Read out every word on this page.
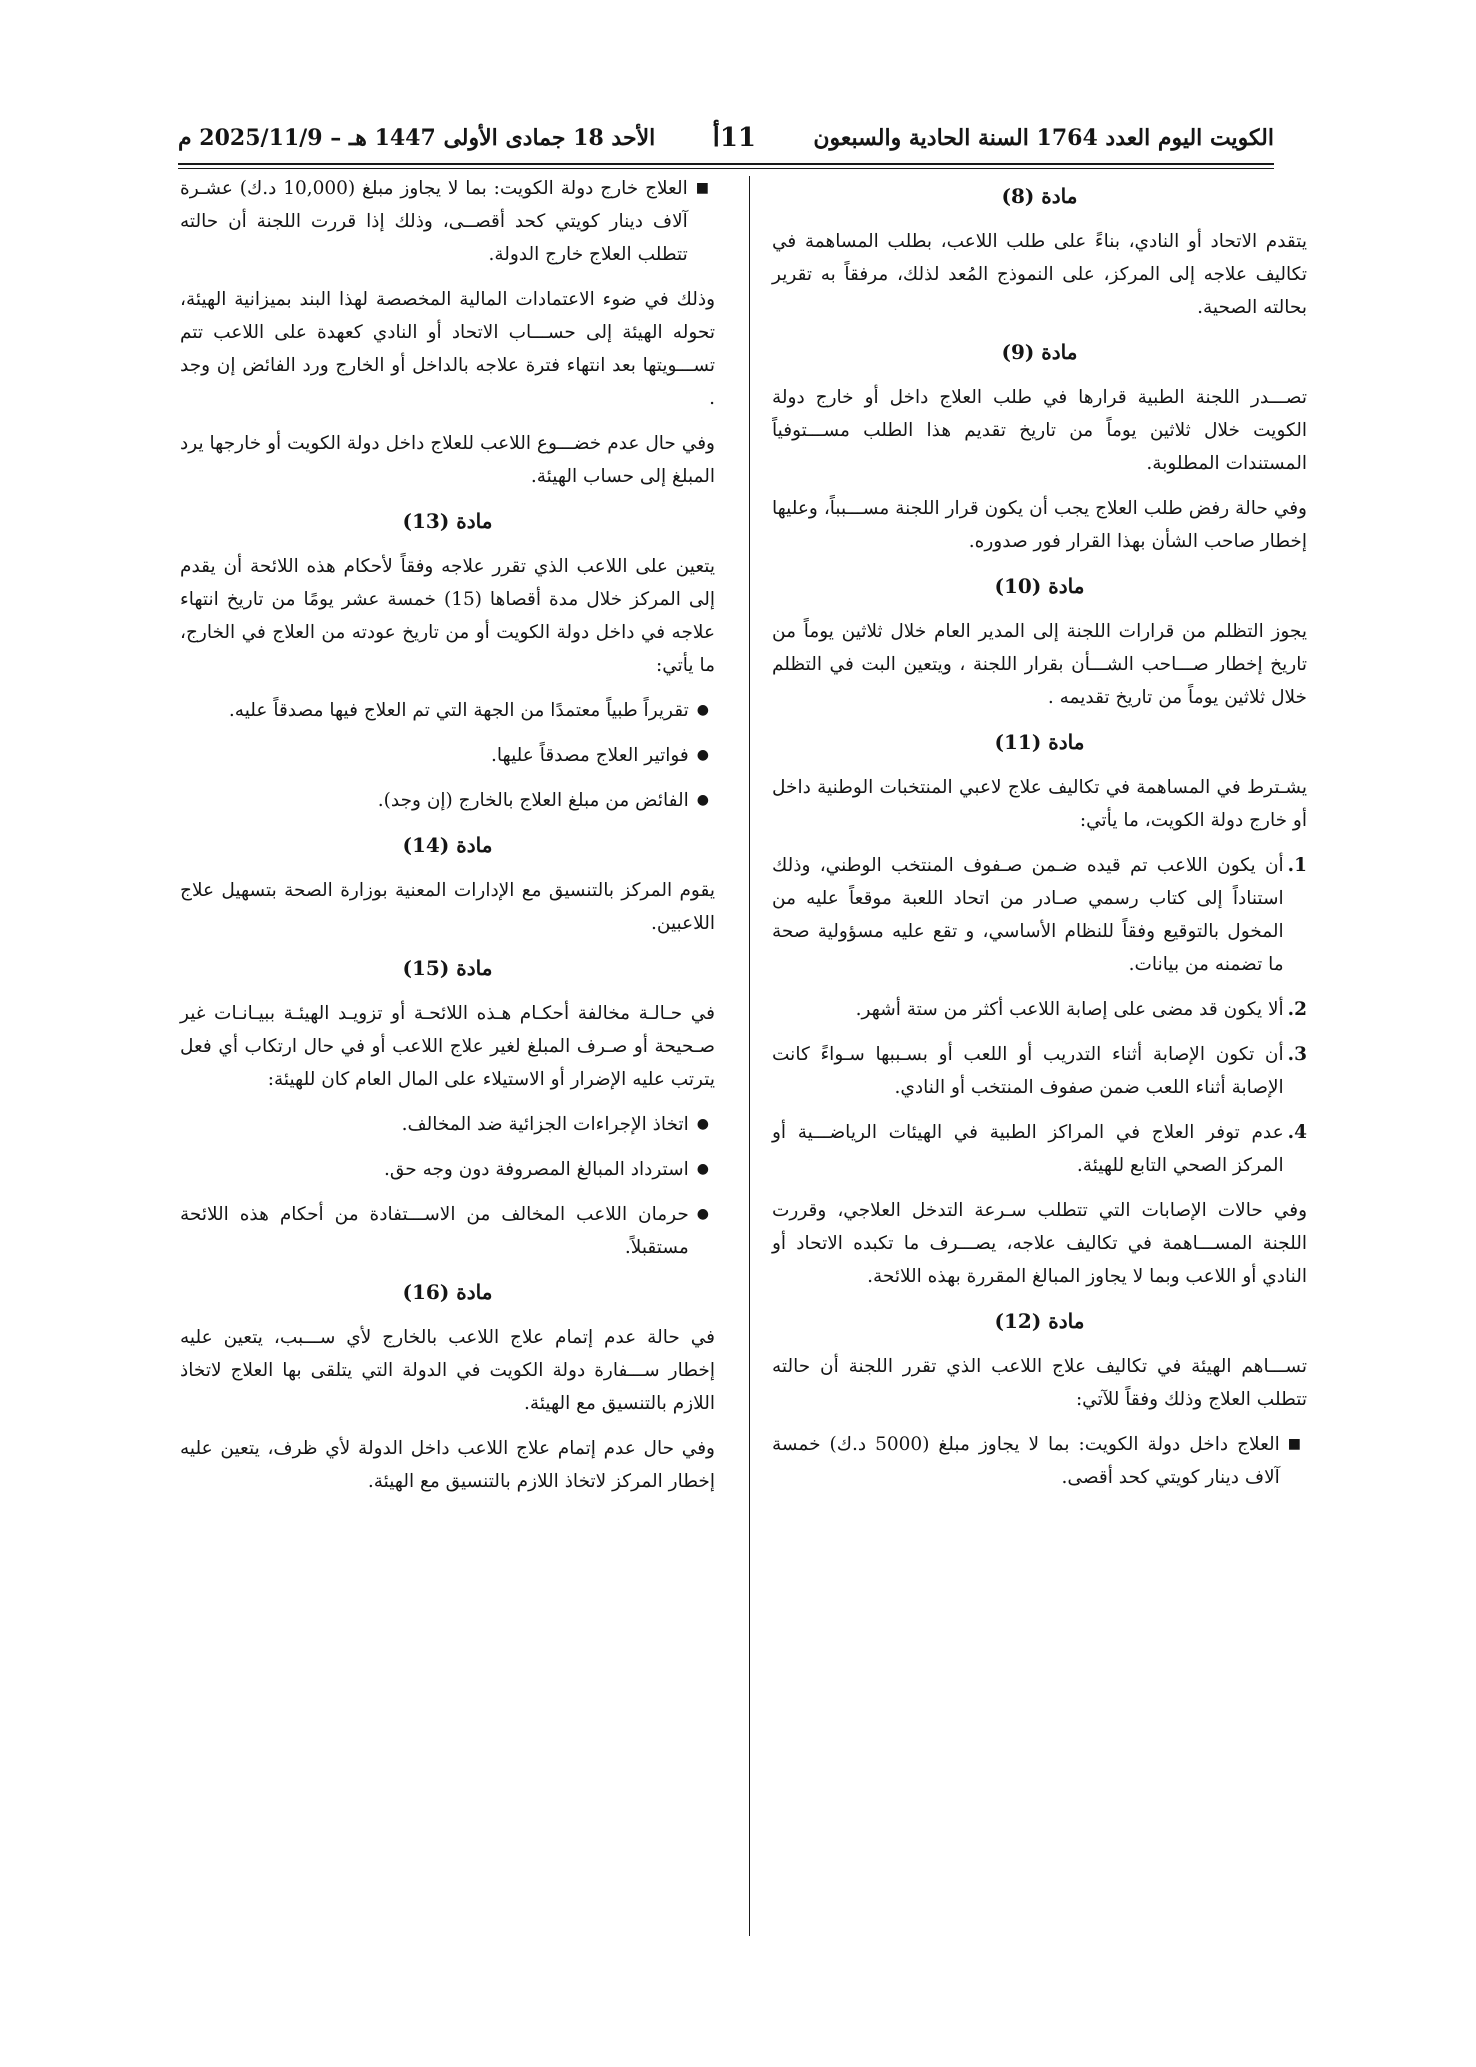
الكويت اليوم العدد 1764 السنة الحادية والسبعون
11أ
الأحد 18 جمادى الأولى 1447 هـ – 2025/11/9 م
مادة (8)

يتقدم الاتحاد أو النادي، بناءً على طلب اللاعب، بطلب المساهمة في تكاليف علاجه إلى المركز، على النموذج المُعد لذلك، مرفقاً به تقرير بحالته الصحية.

مادة (9)

تصـــدر اللجنة الطبية قرارها في طلب العلاج داخل أو خارج دولة الكويت خلال ثلاثين يوماً من تاريخ تقديم هذا الطلب مســـتوفياً المستندات المطلوبة.

وفي حالة رفض طلب العلاج يجب أن يكون قرار اللجنة مســـبباً، وعليها إخطار صاحب الشأن بهذا القرار فور صدوره.

مادة (10)

يجوز التظلم من قرارات اللجنة إلى المدير العام خلال ثلاثين يوماً من تاريخ إخطار صـــاحب الشـــأن بقرار اللجنة ، ويتعين البت في التظلم خلال ثلاثين يوماً من تاريخ تقديمه .

مادة (11)

يشـترط في المساهمة في تكاليف علاج لاعبي المنتخبات الوطنية داخل أو خارج دولة الكويت، ما يأتي:

1.
أن يكون اللاعب تم قيده ضـمن صـفوف المنتخب الوطني، وذلك استناداً إلى كتاب رسمي صـادر من اتحاد اللعبة موقعاً عليه من المخول بالتوقيع وفقاً للنظام الأساسي، و تقع عليه مسؤولية صحة ما تضمنه من بيانات.
2.
ألا يكون قد مضى على إصابة اللاعب أكثر من ستة أشهر.
3.
أن تكون الإصابة أثناء التدريب أو اللعب أو بسـببها سـواءً كانت الإصابة أثناء اللعب ضمن صفوف المنتخب أو النادي.
4.
عدم توفر العلاج في المراكز الطبية في الهيئات الرياضـــية أو المركز الصحي التابع للهيئة.

وفي حالات الإصابات التي تتطلب سـرعة التدخل العلاجي، وقررت اللجنة المســـاهمة في تكاليف علاجه، يصـــرف ما تكبده الاتحاد أو النادي أو اللاعب وبما لا يجاوز المبالغ المقررة بهذه اللائحة.

مادة (12)

تســـاهم الهيئة في تكاليف علاج اللاعب الذي تقرر اللجنة أن حالته تتطلب العلاج وذلك وفقاً للآتي:

■
العلاج داخل دولة الكويت: بما لا يجاوز مبلغ (5000 د.ك) خمسة آلاف دينار كويتي كحد أقصى.
■
العلاج خارج دولة الكويت: بما لا يجاوز مبلغ (10,000 د.ك) عشـرة آلاف دينار كويتي كحد أقصــى، وذلك إذا قررت اللجنة أن حالته تتطلب العلاج خارج الدولة.

وذلك في ضوء الاعتمادات المالية المخصصة لهذا البند بميزانية الهيئة، تحوله الهيئة إلى حســـاب الاتحاد أو النادي كعهدة على اللاعب تتم تســـويتها بعد انتهاء فترة علاجه بالداخل أو الخارج ورد الفائض إن وجد .

وفي حال عدم خضـــوع اللاعب للعلاج داخل دولة الكويت أو خارجها يرد المبلغ إلى حساب الهيئة.

مادة (13)

يتعين على اللاعب الذي تقرر علاجه وفقاً لأحكام هذه اللائحة أن يقدم إلى المركز خلال مدة أقصاها (15) خمسة عشر يومًا من تاريخ انتهاء علاجه في داخل دولة الكويت أو من تاريخ عودته من العلاج في الخارج، ما يأتي:

●
تقريراً طبياً معتمدًا من الجهة التي تم العلاج فيها مصدقاً عليه.
●
فواتير العلاج مصدقاً عليها.
●
الفائض من مبلغ العلاج بالخارج (إن وجد).
مادة (14)

يقوم المركز بالتنسيق مع الإدارات المعنية بوزارة الصحة بتسهيل علاج اللاعبين.

مادة (15)

في حـالـة مخالفة أحكـام هـذه اللائحـة أو تزويـد الهيئـة ببيـانـات غير صـحيحة أو صـرف المبلغ لغير علاج اللاعب أو في حال ارتكاب أي فعل يترتب عليه الإضرار أو الاستيلاء على المال العام كان للهيئة:

●
اتخاذ الإجراءات الجزائية ضد المخالف.
●
استرداد المبالغ المصروفة دون وجه حق.
●
حرمان اللاعب المخالف من الاســـتفادة من أحكام هذه اللائحة مستقبلاً.
مادة (16)

في حالة عدم إتمام علاج اللاعب بالخارج لأي ســـبب، يتعين عليه إخطار ســـفارة دولة الكويت في الدولة التي يتلقى بها العلاج لاتخاذ اللازم بالتنسيق مع الهيئة.

وفي حال عدم إتمام علاج اللاعب داخل الدولة لأي ظرف، يتعين عليه إخطار المركز لاتخاذ اللازم بالتنسيق مع الهيئة.
